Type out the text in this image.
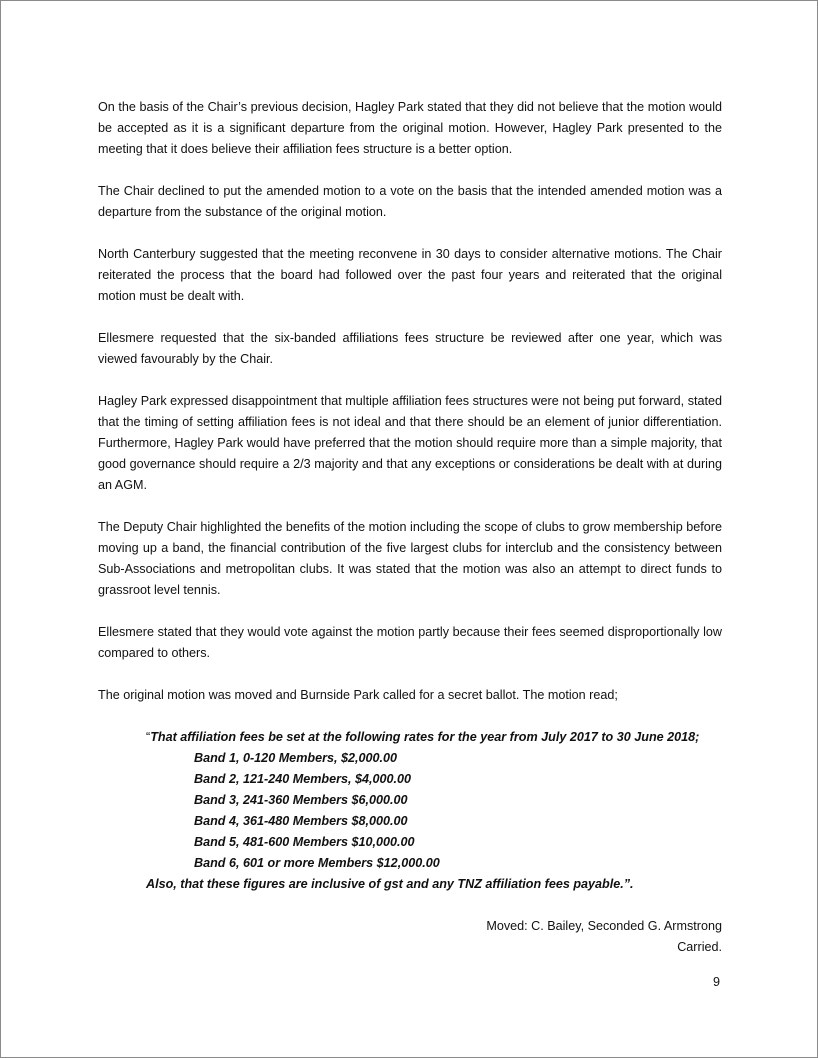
On the basis of the Chair’s previous decision, Hagley Park stated that they did not believe that the motion would be accepted as it is a significant departure from the original motion. However, Hagley Park presented to the meeting that it does believe their affiliation fees structure is a better option.

The Chair declined to put the amended motion to a vote on the basis that the intended amended motion was a departure from the substance of the original motion.

North Canterbury suggested that the meeting reconvene in 30 days to consider alternative motions. The Chair reiterated the process that the board had followed over the past four years and reiterated that the original motion must be dealt with.

Ellesmere requested that the six-banded affiliations fees structure be reviewed after one year, which was viewed favourably by the Chair.

Hagley Park expressed disappointment that multiple affiliation fees structures were not being put forward, stated that the timing of setting affiliation fees is not ideal and that there should be an element of junior differentiation. Furthermore, Hagley Park would have preferred that the motion should require more than a simple majority, that good governance should require a 2/3 majority and that any exceptions or considerations be dealt with at during an AGM.

The Deputy Chair highlighted the benefits of the motion including the scope of clubs to grow membership before moving up a band, the financial contribution of the five largest clubs for interclub and the consistency between Sub-Associations and metropolitan clubs. It was stated that the motion was also an attempt to direct funds to grassroot level tennis.

Ellesmere stated that they would vote against the motion partly because their fees seemed disproportionally low compared to others.

The original motion was moved and Burnside Park called for a secret ballot. The motion read;

“That affiliation fees be set at the following rates for the year from July 2017 to 30 June 2018;
Band 1, 0-120 Members, $2,000.00
Band 2, 121-240 Members, $4,000.00
Band 3, 241-360 Members $6,000.00
Band 4, 361-480 Members $8,000.00
Band 5, 481-600 Members $10,000.00
Band 6, 601 or more Members $12,000.00
Also, that these figures are inclusive of gst and any TNZ affiliation fees payable.”.
Moved: C. Bailey, Seconded G. Armstrong
Carried.
9
